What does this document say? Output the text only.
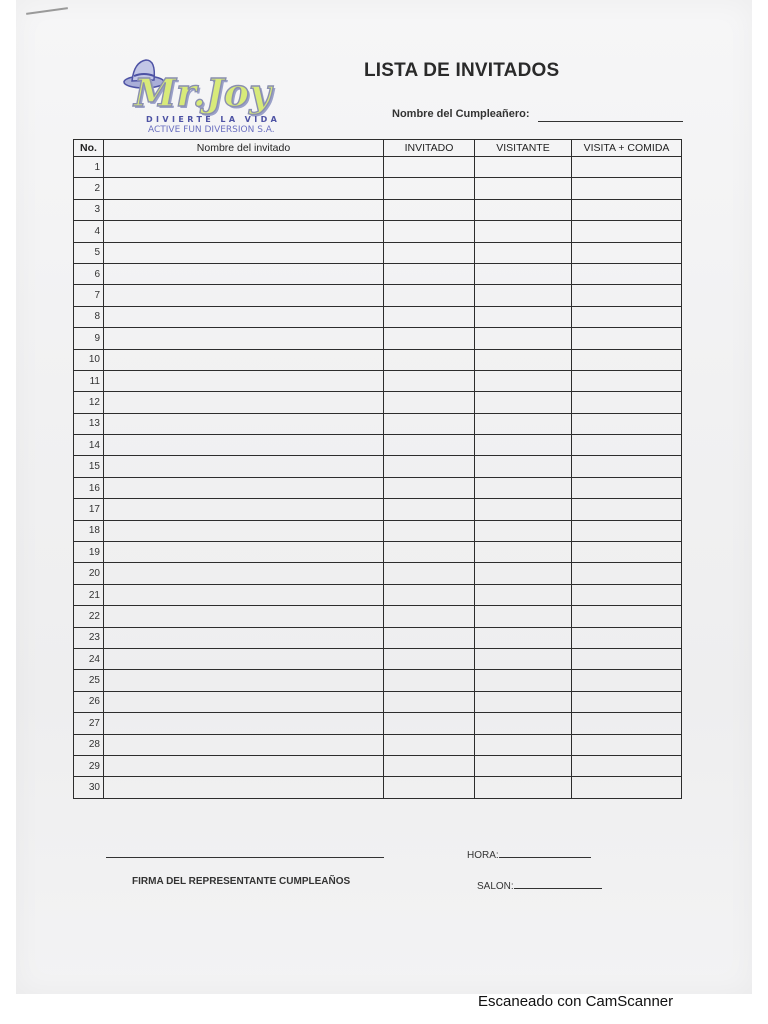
Mr.Joy
DIVIERTE LA VIDA
ACTIVE FUN DIVERSION S.A.
LISTA DE INVITADOS
Nombre del Cumpleañero:
No.	Nombre del invitado	INVITADO	VISITANTE	VISITA + COMIDA
1				
2				
3				
4				
5				
6				
7				
8				
9				
10				
11				
12				
13				
14				
15				
16				
17				
18				
19				
20				
21				
22				
23				
24				
25				
26				
27				
28				
29				
30				
FIRMA DEL REPRESENTANTE CUMPLEAÑOS
HORA:
SALON:
Escaneado con CamScanner
